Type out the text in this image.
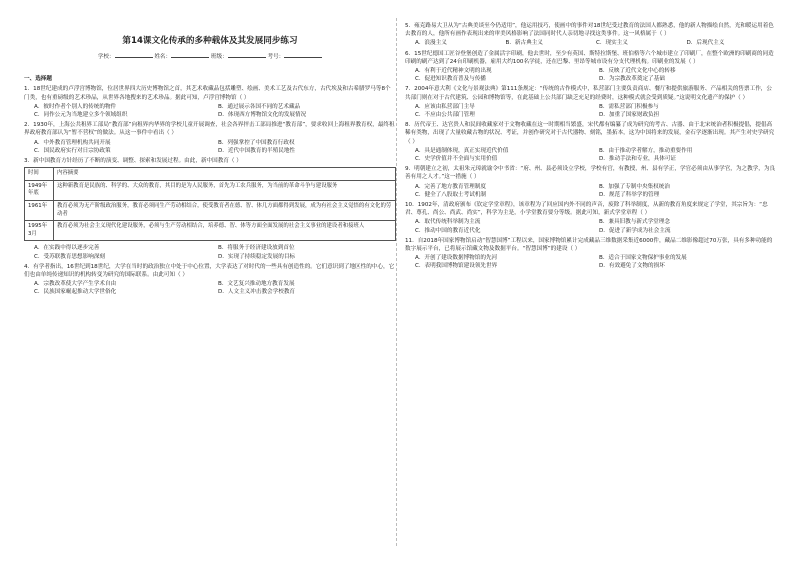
第14课文化传承的多种载体及其发展同步练习
学校：	姓名：	班级：	考号：
一、选择题
1．18世纪建成的卢浮宫博物馆，位居世界四大历史博物馆之首，其艺术收藏品包括雕塑、绘画、美术工艺及古代东方，古代埃及和古希腊罗马等8个门类，也有重磅级的艺术珍品，从世界各地搜来的艺术珍品。据此可知，卢浮宫博物馆（ ）
A．彼时作者个别人的传统的物件	B．通过展示各国不同的艺术藏品
C．同作公元为当地建立多个领域组织	D．体现西方博物馆文化的发展情况
2．1930年，上海公共租界工部局“教育部”向租界内华界的学校儿童开展调查，社会各界抨击工部局推进“教育部”，要求收回上海租界教育权，最终租界政府教育部认为“暂不营权”的做法。从这一事件中看出（ ）
A．中外教育管理机构共同开展	B．列强掌控了中国教育行政权
C．国民政府实行对日宗协政策	D．近代中国教育的半殖民地性
3．新中国教育方针经历了不断的演变、调整、探索和发展过程。由此，新中国教育（ ）
时间	内容摘要
1949年年底	这种新教育是民族的、科学的、大众的教育，其目的是为人民服务，首先为工农兵服务，为当前的革命斗争与建设服务
1961年	教育必须为无产阶级政治服务，教育必须同生产劳动相结合，使受教育者在德、智、体几方面都得到发展，成为有社会主义觉悟的有文化的劳动者
1995年3月	教育必须为社会主义现代化建设服务，必须与生产劳动相结合，培养德、智、体等方面全面发展的社会主义事业的建设者和接班人
A．在实践中得以逐步完善	B．将服务于经济建设放到首位
C．受苏联教育思想影响深刻	D．实现了持续稳定发展的目标
4．有学者指出，16世纪到18世纪，大学在当时的政治独立中处于中心位置，大学表达了对时代的一些具有创造性的。它们意识到了地区性的中心，它们也由单纯传递知识的机构转变为研究的国际联系。由此可知（ ）
A．宗教改革使大学产生学术自由	B．文艺复兴推动地方教育发展
C．民族国家崛起推动大学世俗化	D．人文主义冲击教会学校教育
5．雍克路易大卫从为“古典美谈至今仍适用”，他运用技巧，使画中的事件对18世纪受过教育的法国人都熟悉，他的新人物描绘自然，光和暖运用着色去教育的人，他所有画作表现出来的审美风格影响了法国同时代人亲切地寻找这类事件。这一风格属于（ ）
A．浪漫主义	B．新古典主义	C．现实主义	D．后现代主义
6．15世纪德国工匠谷登堡创造了金属活字印刷，他去世时，至少有英国、斯特拉斯堡、班伯格等六个城市建立了印刷厂，在整个欧洲的印刷商的同造印刷的刷产达到了24台印刷机器，雇用大约100名学徒，还在巴黎、里昂等城市设有分支代理机构。印刷业的发展（ ）
A．有利于近代精神文明的出现	B．反映了近代文化中心的转移
C．促进知识教育普及与传播	D．为宗教改革奠定了基础
7．2004年意大利《文化与景观法典》第111条规定：“传统的古作模式中，私营部门主要负责商店、餐厅和提供旅游服务、产品相关的售票工作，公共部门则在对于古代建筑、公园和博物馆等，在此基础上公共部门缺乏充足的经费时，这种模式就会受到质疑。”这说明文化遗产的保护（ ）
A．应该由私营部门主导	B．需私营部门积极参与
C．不应由公共部门管理	D．加重了国家财政负担
8．历代帝王、达官贵人和民间收藏家对于文物收藏在这一时期相当繁盛，宋代都有编纂了成为研究的考古、古器、由于北宋统治者积极提倡，提倡高稀有类物，出现了大量收藏古物的状况、考证，并创作研究对于古代器物、刻铭，墨拓本，这为中国将来的发展，金石学逐渐出现。其产生对史学研究（ ）
A．具是通制体现，真正实现近代价值	B．由于推动学者解方，推动重要作用
C．史学价值并不全面与实用价值	D．推动手法和专业，具体可证
9．明朝建立之初，太祖朱元璋就谕令中书省：“府、州、县必须设立学校，学校有官，有教授，州、县有学正，学官必须由从事学官，为之教学，为良善有用之人才。”这一措施（ ）
A．完善了地方教育管理制度	B．加强了专制中央集权统治
C．健全了八股取士考试机制	D．规范了科举学的管理
10．1902年，清政府颁布《钦定学堂章程》，该章程为了回应国内外不同的声音，废除了科举制度，从新的教育角度来规定了学堂，其宗旨为：“忠君、尊孔、尚公、尚武、尚实”，科学为主是，小学堂教育要分等级。据此可知，新式学堂章程（ ）
A．取代传统科举制为主流	B．兼具旧教与新式学堂理念
C．推动中国的教育近代化	D．促进了新学成为社会主流
11．自2018年国家博物馆启动“智慧国博”工程以来，国家博物馆累计完成藏品三维数据采集近6000件，藏品二维影像超过70万张，具有多种功能的数字展示平台，已将展示馆藏文物及数据平台。“智慧国博”的建设（ ）
A．开创了建设数据博物馆的先河	B．适合于国家文物保护事业的发展
C．表明我国博物馆建设领先世界	D．有效避免了文物的损坏
